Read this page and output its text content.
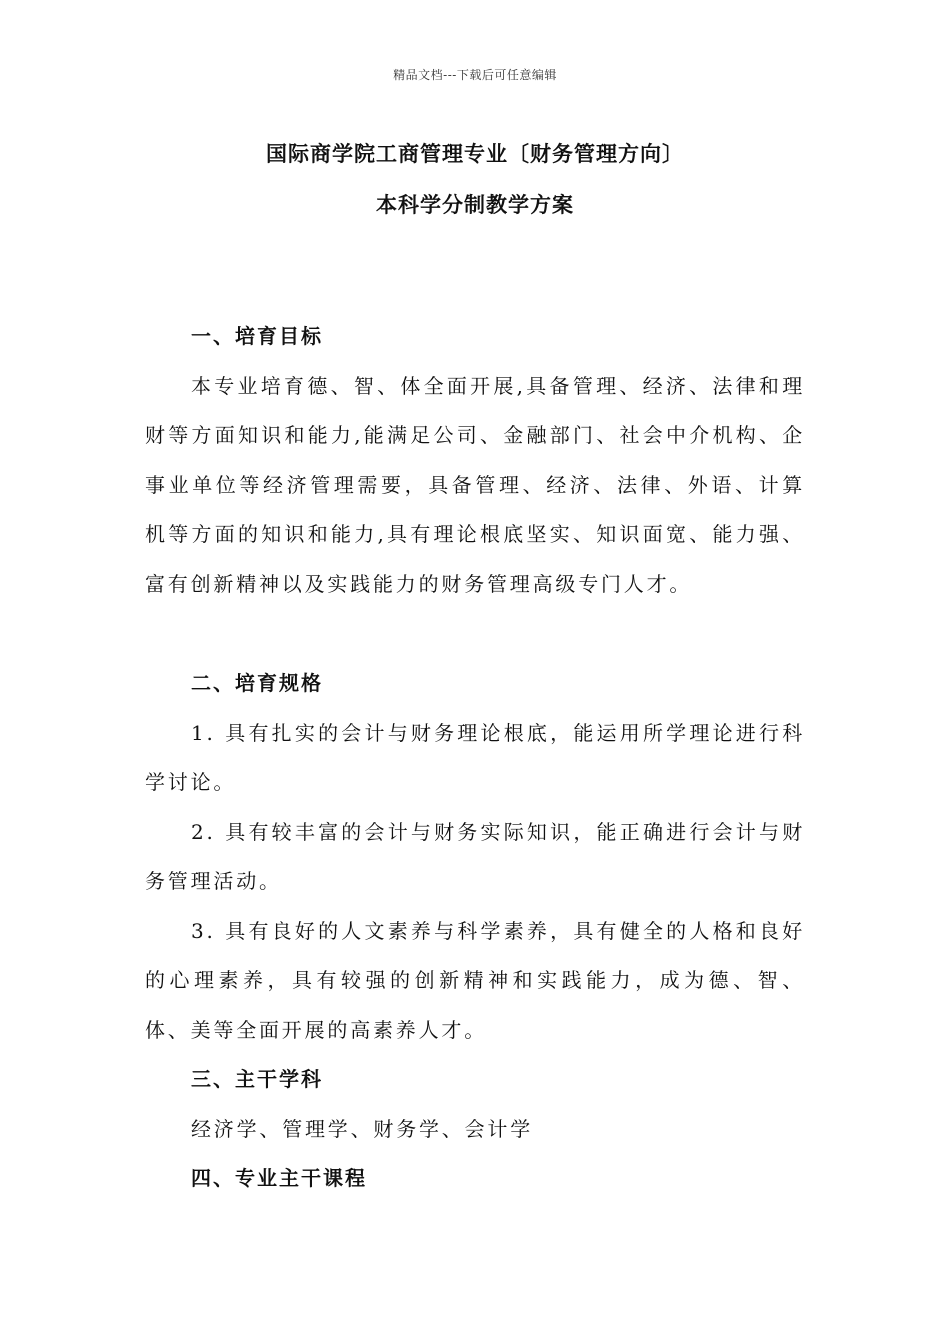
精品文档---下载后可任意编辑
国际商学院工商管理专业〔财务管理方向〕
本科学分制教学方案
一、培育目标

本专业培育德、智、体全面开展,具备管理、经济、法律和理财等方面知识和能力,能满足公司、金融部门、社会中介机构、企事业单位等经济管理需要，具备管理、经济、法律、外语、计算机等方面的知识和能力,具有理论根底坚实、知识面宽、能力强、富有创新精神以及实践能力的财务管理高级专门人才。

二、培育规格

1. 具有扎实的会计与财务理论根底，能运用所学理论进行科学讨论。

2. 具有较丰富的会计与财务实际知识，能正确进行会计与财务管理活动。

3. 具有良好的人文素养与科学素养，具有健全的人格和良好的心理素养，具有较强的创新精神和实践能力，成为德、智、体、美等全面开展的高素养人才。

三、主干学科
经济学、管理学、财务学、会计学
四、专业主干课程
